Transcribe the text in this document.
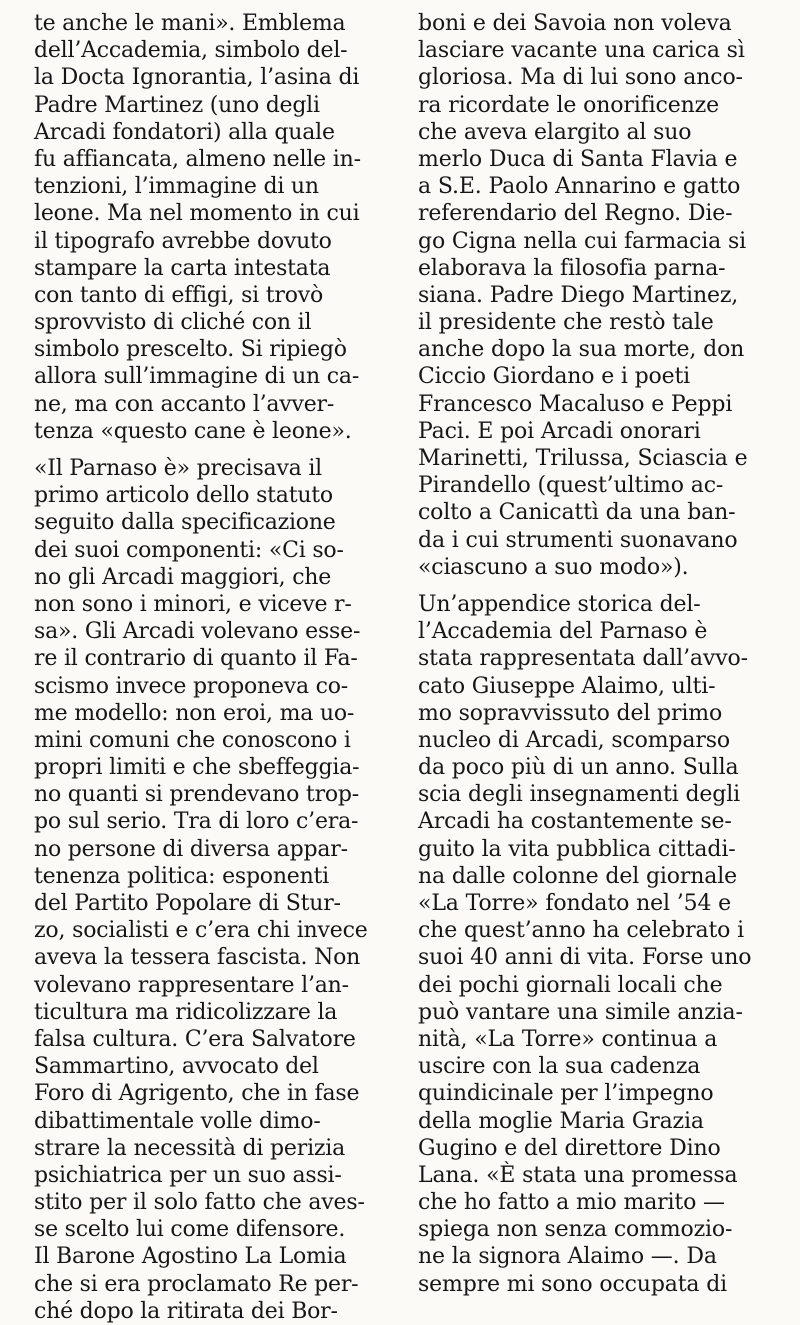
te anche le mani». Emblema
dell’Accademia, simbolo del-
la Docta Ignorantia, l’asina di
Padre Martinez (uno degli
Arcadi fondatori) alla quale
fu affiancata, almeno nelle in-
tenzioni, l’immagine di un
leone. Ma nel momento in cui
il tipografo avrebbe dovuto
stampare la carta intestata
con tanto di effigi, si trovò
sprovvisto di cliché con il
simbolo prescelto. Si ripiegò
allora sull’immagine di un ca-
ne, ma con accanto l’avver-
tenza «questo cane è leone».
«Il Parnaso è» precisava il
primo articolo dello statuto
seguito dalla specificazione
dei suoi componenti: «Ci so-
no gli Arcadi maggiori, che
non sono i minori, e viceve r-
sa». Gli Arcadi volevano esse-
re il contrario di quanto il Fa-
scismo invece proponeva co-
me modello: non eroi, ma uo-
mini comuni che conoscono i
propri limiti e che sbeffeggia-
no quanti si prendevano trop-
po sul serio. Tra di loro c’era-
no persone di diversa appar-
tenenza politica: esponenti
del Partito Popolare di Stur-
zo, socialisti e c’era chi invece
aveva la tessera fascista. Non
volevano rappresentare l’an-
ticultura ma ridicolizzare la
falsa cultura. C’era Salvatore
Sammartino, avvocato del
Foro di Agrigento, che in fase
dibattimentale volle dimo-
strare la necessità di perizia
psichiatrica per un suo assi-
stito per il solo fatto che aves-
se scelto lui come difensore.
Il Barone Agostino La Lomia
che si era proclamato Re per-
ché dopo la ritirata dei Bor-
boni e dei Savoia non voleva
lasciare vacante una carica sì
gloriosa. Ma di lui sono anco-
ra ricordate le onorificenze
che aveva elargito al suo
merlo Duca di Santa Flavia e
a S.E. Paolo Annarino e gatto
referendario del Regno. Die-
go Cigna nella cui farmacia si
elaborava la filosofia parna-
siana. Padre Diego Martinez,
il presidente che restò tale
anche dopo la sua morte, don
Ciccio Giordano e i poeti
Francesco Macaluso e Peppi
Paci. E poi Arcadi onorari
Marinetti, Trilussa, Sciascia e
Pirandello (quest’ultimo ac-
colto a Canicattì da una ban-
da i cui strumenti suonavano
«ciascuno a suo modo»).
Un’appendice storica del-
l’Accademia del Parnaso è
stata rappresentata dall’avvo-
cato Giuseppe Alaimo, ulti-
mo sopravvissuto del primo
nucleo di Arcadi, scomparso
da poco più di un anno. Sulla
scia degli insegnamenti degli
Arcadi ha costantemente se-
guito la vita pubblica cittadi-
na dalle colonne del giornale
«La Torre» fondato nel ’54 e
che quest’anno ha celebrato i
suoi 40 anni di vita. Forse uno
dei pochi giornali locali che
può vantare una simile anzia-
nità, «La Torre» continua a
uscire con la sua cadenza
quindicinale per l’impegno
della moglie Maria Grazia
Gugino e del direttore Dino
Lana. «È stata una promessa
che ho fatto a mio marito —
spiega non senza commozio-
ne la signora Alaimo —. Da
sempre mi sono occupata di
